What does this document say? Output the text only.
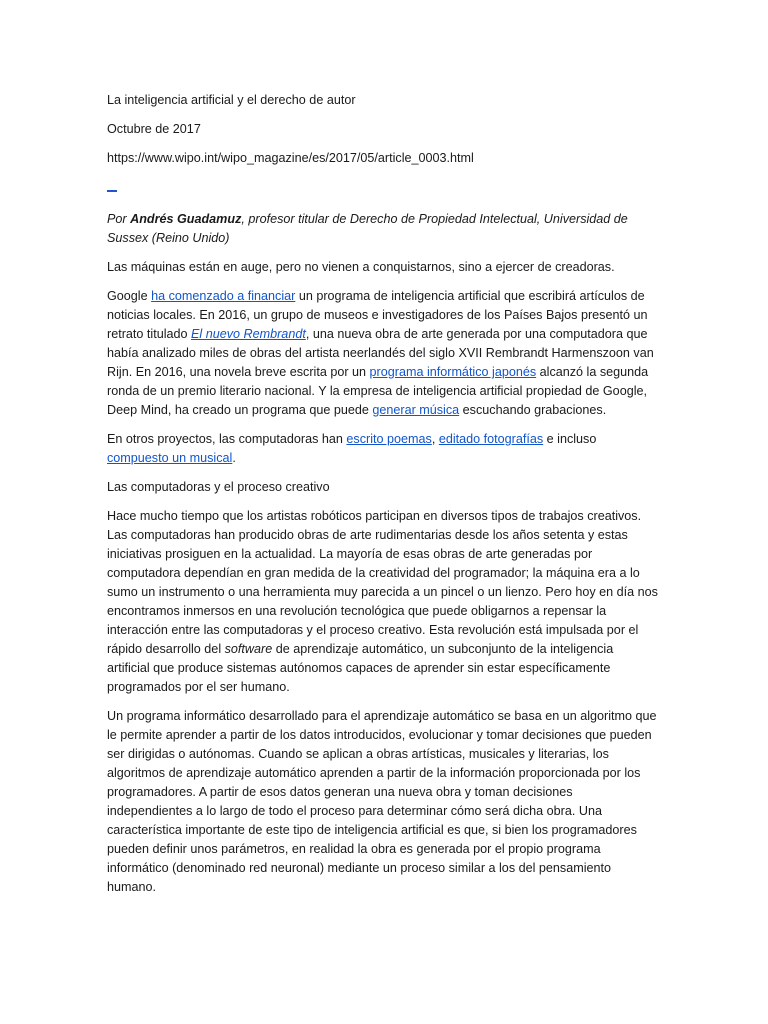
La inteligencia artificial y el derecho de autor

Octubre de 2017

https://www.wipo.int/wipo_magazine/es/2017/05/article_0003.html

Por Andrés Guadamuz, profesor titular de Derecho de Propiedad Intelectual, Universidad de Sussex (Reino Unido)

Las máquinas están en auge, pero no vienen a conquistarnos, sino a ejercer de creadoras.

Google ha comenzado a financiar un programa de inteligencia artificial que escribirá artículos de noticias locales. En 2016, un grupo de museos e investigadores de los Países Bajos presentó un retrato titulado El nuevo Rembrandt, una nueva obra de arte generada por una computadora que había analizado miles de obras del artista neerlandés del siglo XVII Rembrandt Harmenszoon van Rijn. En 2016, una novela breve escrita por un programa informático japonés alcanzó la segunda ronda de un premio literario nacional. Y la empresa de inteligencia artificial propiedad de Google, Deep Mind, ha creado un programa que puede generar música escuchando grabaciones.

En otros proyectos, las computadoras han escrito poemas, editado fotografías e incluso compuesto un musical.

Las computadoras y el proceso creativo

Hace mucho tiempo que los artistas robóticos participan en diversos tipos de trabajos creativos. Las computadoras han producido obras de arte rudimentarias desde los años setenta y estas iniciativas prosiguen en la actualidad. La mayoría de esas obras de arte generadas por computadora dependían en gran medida de la creatividad del programador; la máquina era a lo sumo un instrumento o una herramienta muy parecida a un pincel o un lienzo. Pero hoy en día nos encontramos inmersos en una revolución tecnológica que puede obligarnos a repensar la interacción entre las computadoras y el proceso creativo. Esta revolución está impulsada por el rápido desarrollo del software de aprendizaje automático, un subconjunto de la inteligencia artificial que produce sistemas autónomos capaces de aprender sin estar específicamente programados por el ser humano.

Un programa informático desarrollado para el aprendizaje automático se basa en un algoritmo que le permite aprender a partir de los datos introducidos, evolucionar y tomar decisiones que pueden ser dirigidas o autónomas. Cuando se aplican a obras artísticas, musicales y literarias, los algoritmos de aprendizaje automático aprenden a partir de la información proporcionada por los programadores. A partir de esos datos generan una nueva obra y toman decisiones independientes a lo largo de todo el proceso para determinar cómo será dicha obra. Una característica importante de este tipo de inteligencia artificial es que, si bien los programadores pueden definir unos parámetros, en realidad la obra es generada por el propio programa informático (denominado red neuronal) mediante un proceso similar a los del pensamiento humano.
